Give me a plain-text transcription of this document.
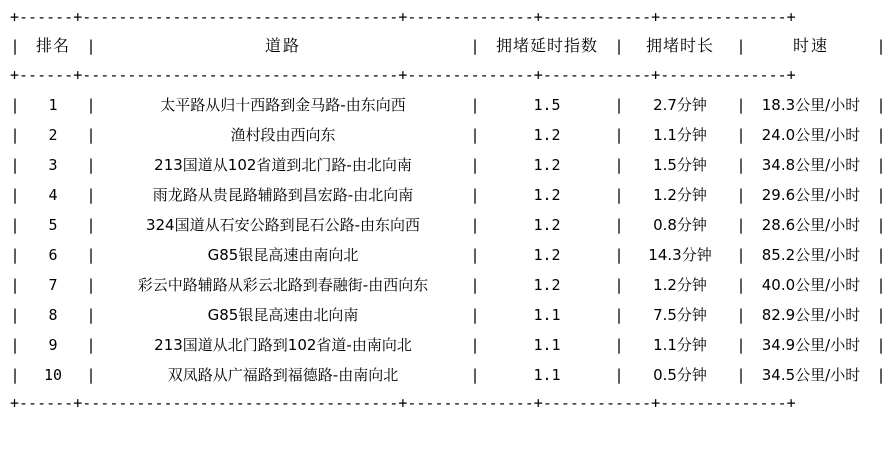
+------+-----------------------------------+--------------+------------+--------------+
|	排名	|	道路	|	拥堵延时指数	|	拥堵时长	|	时速	|
+------+-----------------------------------+--------------+------------+--------------+
|	1	|	太平路从归十西路到金马路-由东向西	|	1.5	|	2.7分钟	|	18.3公里/小时	|
|	2	|	渔村段由西向东	|	1.2	|	1.1分钟	|	24.0公里/小时	|
|	3	|	213国道从102省道到北门路-由北向南	|	1.2	|	1.5分钟	|	34.8公里/小时	|
|	4	|	雨龙路从贵昆路辅路到昌宏路-由北向南	|	1.2	|	1.2分钟	|	29.6公里/小时	|
|	5	|	324国道从石安公路到昆石公路-由东向西	|	1.2	|	0.8分钟	|	28.6公里/小时	|
|	6	|	G85银昆高速由南向北	|	1.2	|	14.3分钟	|	85.2公里/小时	|
|	7	|	彩云中路辅路从彩云北路到春融街-由西向东	|	1.2	|	1.2分钟	|	40.0公里/小时	|
|	8	|	G85银昆高速由北向南	|	1.1	|	7.5分钟	|	82.9公里/小时	|
|	9	|	213国道从北门路到102省道-由南向北	|	1.1	|	1.1分钟	|	34.9公里/小时	|
|	10	|	双凤路从广福路到福德路-由南向北	|	1.1	|	0.5分钟	|	34.5公里/小时	|
+------+-----------------------------------+--------------+------------+--------------+
